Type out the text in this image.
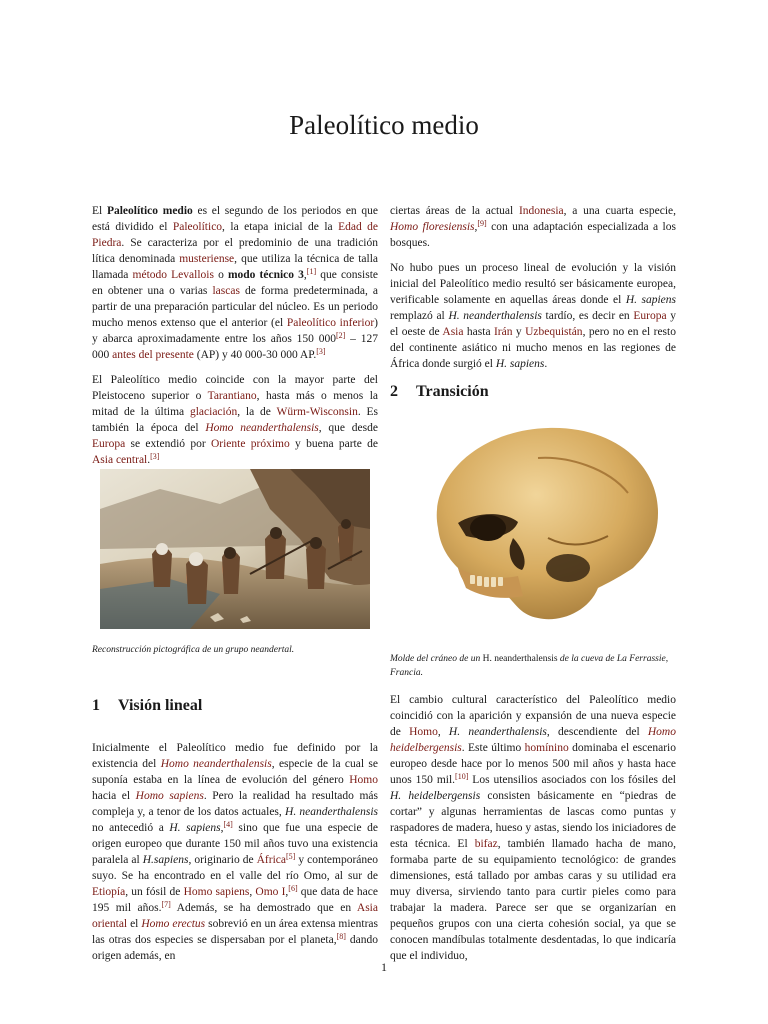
Paleolítico medio

El Paleolítico medio es el segundo de los periodos en que está dividido el Paleolítico, la etapa inicial de la Edad de Piedra. Se caracteriza por el predominio de una tradición lítica denominada musteriense, que utiliza la técnica de talla llamada método Levallois o modo técnico 3,[1] que consiste en obtener una o varias lascas de forma predeterminada, a partir de una preparación particular del núcleo. Es un periodo mucho menos extenso que el anterior (el Paleolítico inferior) y abarca aproximadamente entre los años 150 000[2] – 127 000 antes del presente (AP) y 40 000-30 000 AP.[3]

El Paleolítico medio coincide con la mayor parte del Pleistoceno superior o Tarantiano, hasta más o menos la mitad de la última glaciación, la de Würm-Wisconsin. Es también la época del Homo neanderthalensis, que desde Europa se extendió por Oriente próximo y buena parte de Asia central.[3]

Reconstrucción pictográfica de un grupo neandertal.
1 Visión lineal

Inicialmente el Paleolítico medio fue definido por la existencia del Homo neanderthalensis, especie de la cual se suponía estaba en la línea de evolución del género Homo hacia el Homo sapiens. Pero la realidad ha resultado más compleja y, a tenor de los datos actuales, H. neanderthalensis no antecedió a H. sapiens,[4] sino que fue una especie de origen europeo que durante 150 mil años tuvo una existencia paralela al H.sapiens, originario de África[5] y contemporáneo suyo. Se ha encontrado en el valle del río Omo, al sur de Etiopía, un fósil de Homo sapiens, Omo I,[6] que data de hace 195 mil años.[7] Además, se ha demostrado que en Asia oriental el Homo erectus sobrevió en un área extensa mientras las otras dos especies se dispersaban por el planeta,[8] dando origen además, en

ciertas áreas de la actual Indonesia, a una cuarta especie, Homo floresiensis,[9] con una adaptación especializada a los bosques.

No hubo pues un proceso lineal de evolución y la visión inicial del Paleolítico medio resultó ser básicamente europea, verificable solamente en aquellas áreas donde el H. sapiens remplazó al H. neanderthalensis tardío, es decir en Europa y el oeste de Asia hasta Irán y Uzbequistán, pero no en el resto del continente asiático ni mucho menos en las regiones de África donde surgió el H. sapiens.

2 Transición
Molde del cráneo de un H. neanderthalensis de la cueva de La Ferrassie, Francia.

El cambio cultural característico del Paleolítico medio coincidió con la aparición y expansión de una nueva especie de Homo, H. neanderthalensis, descendiente del Homo heidelbergensis. Este último homínino dominaba el escenario europeo desde hace por lo menos 500 mil años y hasta hace unos 150 mil.[10] Los utensilios asociados con los fósiles del H. heidelbergensis consisten básicamente en “piedras de cortar” y algunas herramientas de lascas como puntas y raspadores de madera, hueso y astas, siendo los iniciadores de esta técnica. El bifaz, también llamado hacha de mano, formaba parte de su equipamiento tecnológico: de grandes dimensiones, está tallado por ambas caras y su utilidad era muy diversa, sirviendo tanto para curtir pieles como para trabajar la madera. Parece ser que se organizarían en pequeños grupos con una cierta cohesión social, ya que se conocen mandíbulas totalmente desdentadas, lo que indicaría que el individuo,

1
